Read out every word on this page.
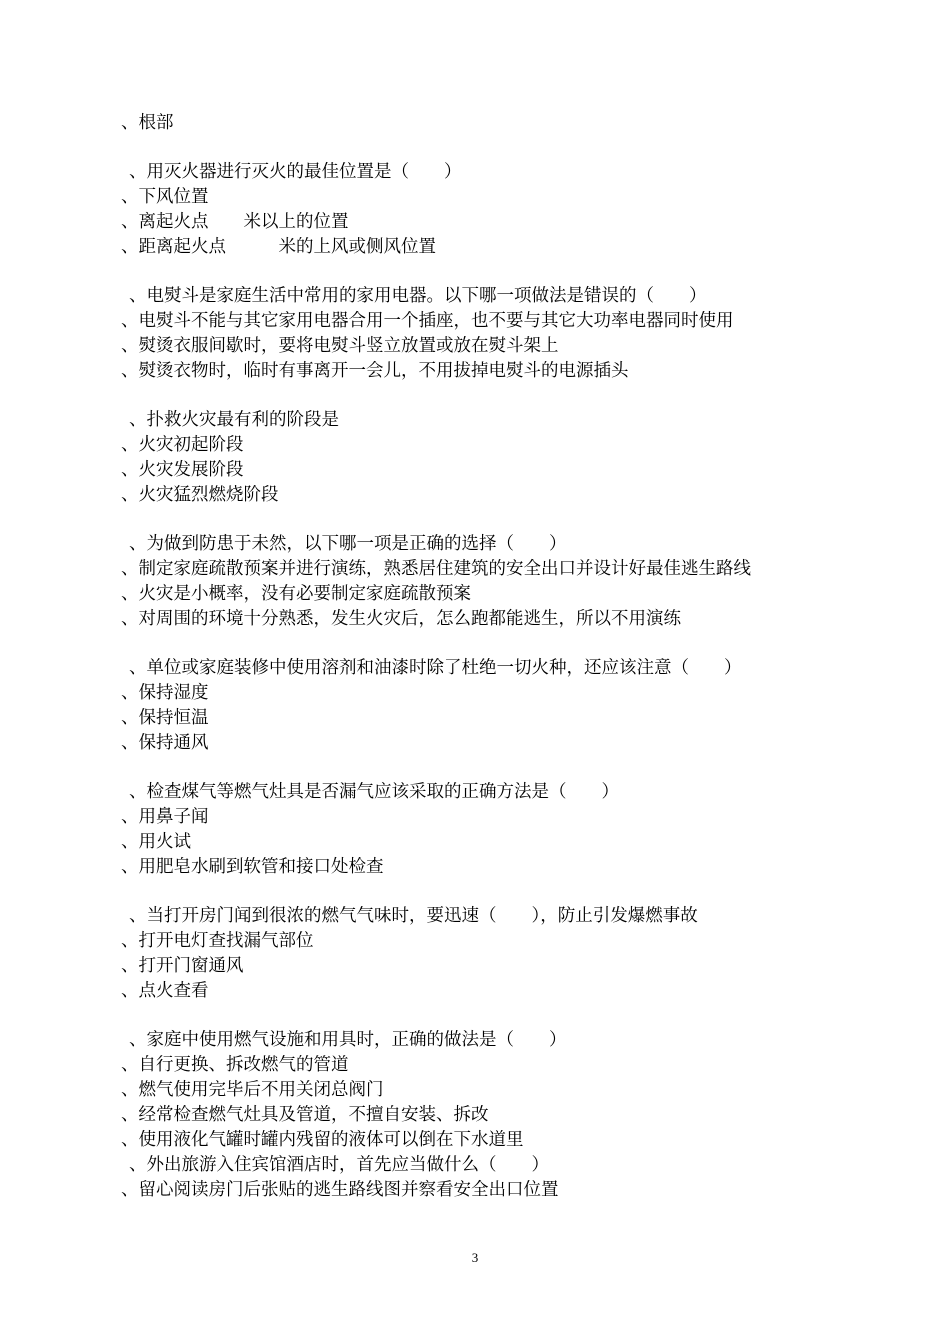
、根部
、用灭火器进行灭火的最佳位置是（　　）
、下风位置
、离起火点　　米以上的位置
、距离起火点　　　米的上风或侧风位置
、电熨斗是家庭生活中常用的家用电器。以下哪一项做法是错误的（　　）
、电熨斗不能与其它家用电器合用一个插座，也不要与其它大功率电器同时使用
、熨烫衣服间歇时，要将电熨斗竖立放置或放在熨斗架上
、熨烫衣物时，临时有事离开一会儿，不用拔掉电熨斗的电源插头
、扑救火灾最有利的阶段是
、火灾初起阶段
、火灾发展阶段
、火灾猛烈燃烧阶段
、为做到防患于未然，以下哪一项是正确的选择（　　）
、制定家庭疏散预案并进行演练，熟悉居住建筑的安全出口并设计好最佳逃生路线
、火灾是小概率，没有必要制定家庭疏散预案
、对周围的环境十分熟悉，发生火灾后，怎么跑都能逃生，所以不用演练
、单位或家庭装修中使用溶剂和油漆时除了杜绝一切火种，还应该注意（　　）
、保持湿度
、保持恒温
、保持通风
、检查煤气等燃气灶具是否漏气应该采取的正确方法是（　　）
、用鼻子闻
、用火试
、用肥皂水刷到软管和接口处检查
、当打开房门闻到很浓的燃气气味时，要迅速（　　），防止引发爆燃事故
、打开电灯查找漏气部位
、打开门窗通风
、点火查看
、家庭中使用燃气设施和用具时，正确的做法是（　　）
、自行更换、拆改燃气的管道
、燃气使用完毕后不用关闭总阀门
、经常检查燃气灶具及管道，不擅自安装、拆改
、使用液化气罐时罐内残留的液体可以倒在下水道里
、外出旅游入住宾馆酒店时，首先应当做什么（　　）
、留心阅读房门后张贴的逃生路线图并察看安全出口位置
3
